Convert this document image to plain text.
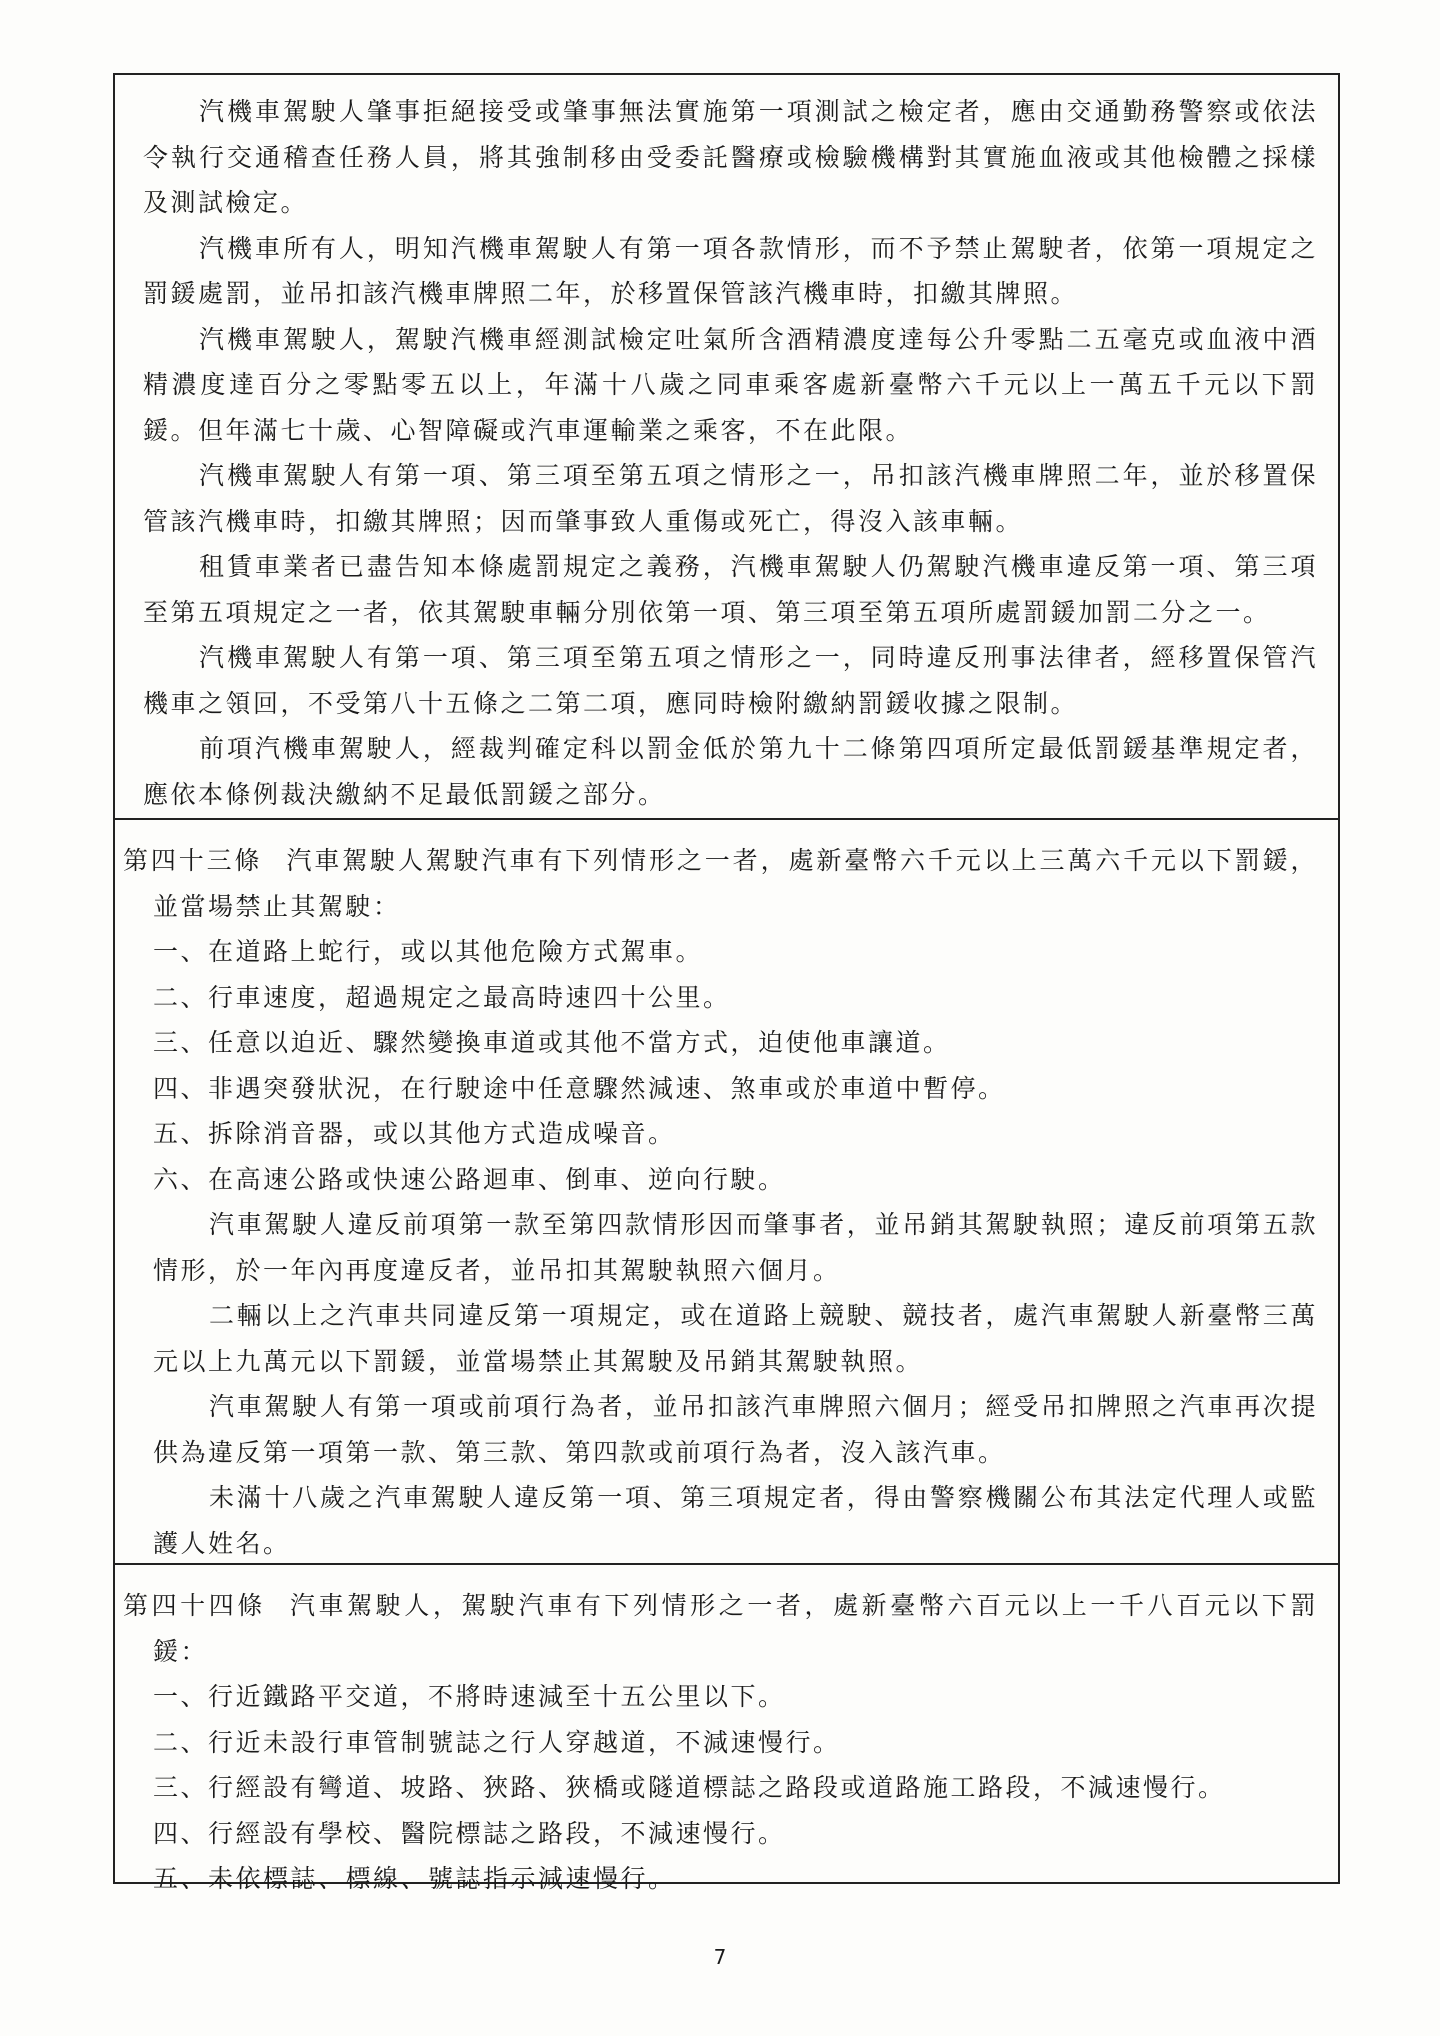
汽機車駕駛人肇事拒絕接受或肇事無法實施第一項測試之檢定者，應由交通勤務警察或依法令執行交通稽查任務人員，將其強制移由受委託醫療或檢驗機構對其實施血液或其他檢體之採樣及測試檢定。

汽機車所有人，明知汽機車駕駛人有第一項各款情形，而不予禁止駕駛者，依第一項規定之罰鍰處罰，並吊扣該汽機車牌照二年，於移置保管該汽機車時，扣繳其牌照。

汽機車駕駛人，駕駛汽機車經測試檢定吐氣所含酒精濃度達每公升零點二五毫克或血液中酒精濃度達百分之零點零五以上，年滿十八歲之同車乘客處新臺幣六千元以上一萬五千元以下罰鍰。但年滿七十歲、心智障礙或汽車運輸業之乘客，不在此限。

汽機車駕駛人有第一項、第三項至第五項之情形之一，吊扣該汽機車牌照二年，並於移置保管該汽機車時，扣繳其牌照；因而肇事致人重傷或死亡，得沒入該車輛。

租賃車業者已盡告知本條處罰規定之義務，汽機車駕駛人仍駕駛汽機車違反第一項、第三項至第五項規定之一者，依其駕駛車輛分別依第一項、第三項至第五項所處罰鍰加罰二分之一。

汽機車駕駛人有第一項、第三項至第五項之情形之一，同時違反刑事法律者，經移置保管汽機車之領回，不受第八十五條之二第二項，應同時檢附繳納罰鍰收據之限制。

前項汽機車駕駛人，經裁判確定科以罰金低於第九十二條第四項所定最低罰鍰基準規定者，應依本條例裁決繳納不足最低罰鍰之部分。

第四十三條 汽車駕駛人駕駛汽車有下列情形之一者，處新臺幣六千元以上三萬六千元以下罰鍰，並當場禁止其駕駛：

一、在道路上蛇行，或以其他危險方式駕車。

二、行車速度，超過規定之最高時速四十公里。

三、任意以迫近、驟然變換車道或其他不當方式，迫使他車讓道。

四、非遇突發狀況，在行駛途中任意驟然減速、煞車或於車道中暫停。

五、拆除消音器，或以其他方式造成噪音。

六、在高速公路或快速公路迴車、倒車、逆向行駛。

汽車駕駛人違反前項第一款至第四款情形因而肇事者，並吊銷其駕駛執照；違反前項第五款情形，於一年內再度違反者，並吊扣其駕駛執照六個月。

二輛以上之汽車共同違反第一項規定，或在道路上競駛、競技者，處汽車駕駛人新臺幣三萬元以上九萬元以下罰鍰，並當場禁止其駕駛及吊銷其駕駛執照。

汽車駕駛人有第一項或前項行為者，並吊扣該汽車牌照六個月；經受吊扣牌照之汽車再次提供為違反第一項第一款、第三款、第四款或前項行為者，沒入該汽車。

未滿十八歲之汽車駕駛人違反第一項、第三項規定者，得由警察機關公布其法定代理人或監護人姓名。

第四十四條 汽車駕駛人，駕駛汽車有下列情形之一者，處新臺幣六百元以上一千八百元以下罰鍰：

一、行近鐵路平交道，不將時速減至十五公里以下。

二、行近未設行車管制號誌之行人穿越道，不減速慢行。

三、行經設有彎道、坡路、狹路、狹橋或隧道標誌之路段或道路施工路段，不減速慢行。

四、行經設有學校、醫院標誌之路段，不減速慢行。

五、未依標誌、標線、號誌指示減速慢行。

7
